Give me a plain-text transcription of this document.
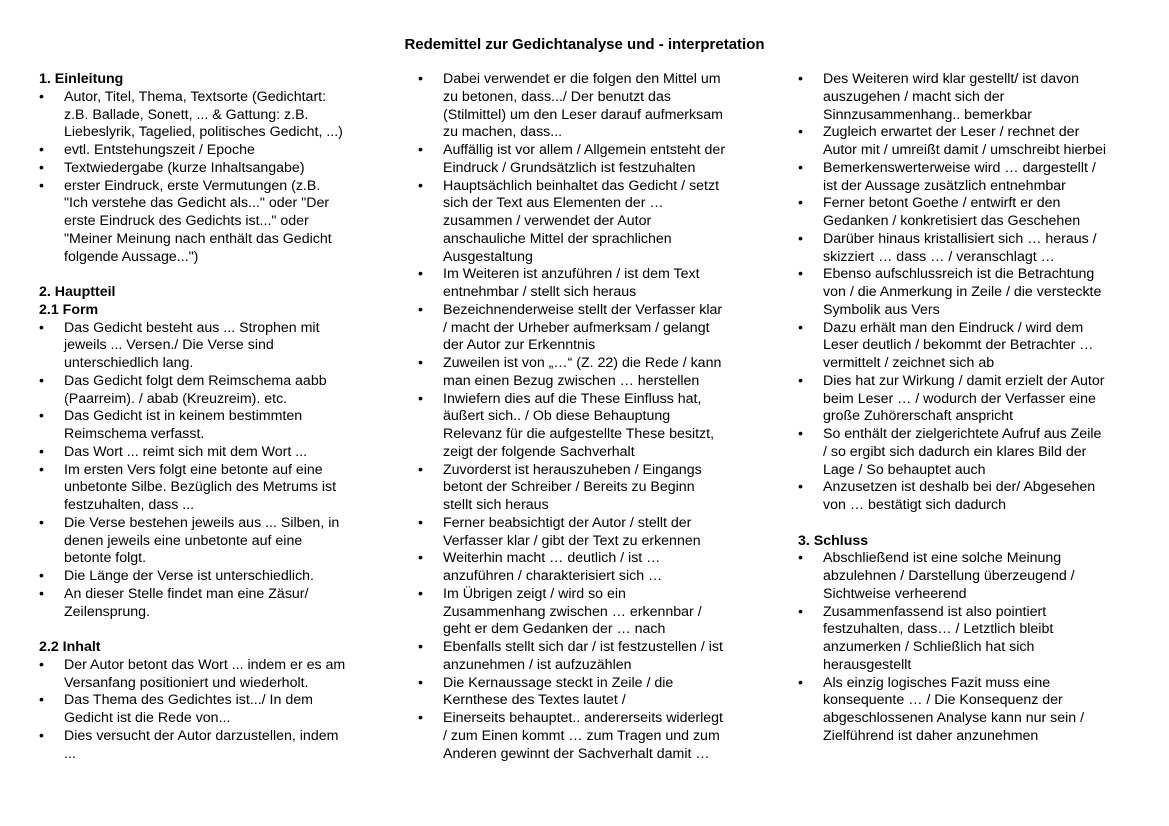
Redemittel zur Gedichtanalyse und - interpretation
1. Einleitung
• Autor, Titel, Thema, Textsorte (Gedichtart:
z.B. Ballade, Sonett, ... & Gattung: z.B.
Liebeslyrik, Tagelied, politisches Gedicht, ...)
• evtl. Entstehungszeit / Epoche
• Textwiedergabe (kurze Inhaltsangabe)
• erster Eindruck, erste Vermutungen (z.B.
"Ich verstehe das Gedicht als..." oder "Der
erste Eindruck des Gedichts ist..." oder
"Meiner Meinung nach enthält das Gedicht
folgende Aussage...")
2. Hauptteil
2.1 Form
• Das Gedicht besteht aus ... Strophen mit
jeweils ... Versen./ Die Verse sind
unterschiedlich lang.
• Das Gedicht folgt dem Reimschema aabb
(Paarreim). / abab (Kreuzreim). etc.
• Das Gedicht ist in keinem bestimmten
Reimschema verfasst.
• Das Wort ... reimt sich mit dem Wort ...
• Im ersten Vers folgt eine betonte auf eine
unbetonte Silbe. Bezüglich des Metrums ist
festzuhalten, dass ...
• Die Verse bestehen jeweils aus ... Silben, in
denen jeweils eine unbetonte auf eine
betonte folgt.
• Die Länge der Verse ist unterschiedlich.
• An dieser Stelle findet man eine Zäsur/
Zeilensprung.
2.2 Inhalt
• Der Autor betont das Wort ... indem er es am
Versanfang positioniert und wiederholt.
• Das Thema des Gedichtes ist.../ In dem
Gedicht ist die Rede von...
• Dies versucht der Autor darzustellen, indem
...
• Dabei verwendet er die folgen den Mittel um
zu betonen, dass.../ Der benutzt das
(Stilmittel) um den Leser darauf aufmerksam
zu machen, dass...
• Auffällig ist vor allem / Allgemein entsteht der
Eindruck / Grundsätzlich ist festzuhalten
• Hauptsächlich beinhaltet das Gedicht / setzt
sich der Text aus Elementen der …
zusammen / verwendet der Autor
anschauliche Mittel der sprachlichen
Ausgestaltung
• Im Weiteren ist anzuführen / ist dem Text
entnehmbar / stellt sich heraus
• Bezeichnenderweise stellt der Verfasser klar
/ macht der Urheber aufmerksam / gelangt
der Autor zur Erkenntnis
• Zuweilen ist von „…“ (Z. 22) die Rede / kann
man einen Bezug zwischen … herstellen
• Inwiefern dies auf die These Einfluss hat,
äußert sich.. / Ob diese Behauptung
Relevanz für die aufgestellte These besitzt,
zeigt der folgende Sachverhalt
• Zuvorderst ist herauszuheben / Eingangs
betont der Schreiber / Bereits zu Beginn
stellt sich heraus
• Ferner beabsichtigt der Autor / stellt der
Verfasser klar / gibt der Text zu erkennen
• Weiterhin macht … deutlich / ist …
anzuführen / charakterisiert sich …
• Im Übrigen zeigt / wird so ein
Zusammenhang zwischen … erkennbar /
geht er dem Gedanken der … nach
• Ebenfalls stellt sich dar / ist festzustellen / ist
anzunehmen / ist aufzuzählen
• Die Kernaussage steckt in Zeile / die
Kernthese des Textes lautet /
• Einerseits behauptet.. andererseits widerlegt
/ zum Einen kommt … zum Tragen und zum
Anderen gewinnt der Sachverhalt damit …
• Des Weiteren wird klar gestellt/ ist davon
auszugehen / macht sich der
Sinnzusammenhang.. bemerkbar
• Zugleich erwartet der Leser / rechnet der
Autor mit / umreißt damit / umschreibt hierbei
• Bemerkenswerterweise wird … dargestellt /
ist der Aussage zusätzlich entnehmbar
• Ferner betont Goethe / entwirft er den
Gedanken / konkretisiert das Geschehen
• Darüber hinaus kristallisiert sich … heraus /
skizziert … dass … / veranschlagt …
• Ebenso aufschlussreich ist die Betrachtung
von / die Anmerkung in Zeile / die versteckte
Symbolik aus Vers
• Dazu erhält man den Eindruck / wird dem
Leser deutlich / bekommt der Betrachter …
vermittelt / zeichnet sich ab
• Dies hat zur Wirkung / damit erzielt der Autor
beim Leser … / wodurch der Verfasser eine
große Zuhörerschaft anspricht
• So enthält der zielgerichtete Aufruf aus Zeile
/ so ergibt sich dadurch ein klares Bild der
Lage / So behauptet auch
• Anzusetzen ist deshalb bei der/ Abgesehen
von … bestätigt sich dadurch
3. Schluss
• Abschließend ist eine solche Meinung
abzulehnen / Darstellung überzeugend /
Sichtweise verheerend
• Zusammenfassend ist also pointiert
festzuhalten, dass… / Letztlich bleibt
anzumerken / Schließlich hat sich
herausgestellt
• Als einzig logisches Fazit muss eine
konsequente … / Die Konsequenz der
abgeschlossenen Analyse kann nur sein /
Zielführend ist daher anzunehmen
